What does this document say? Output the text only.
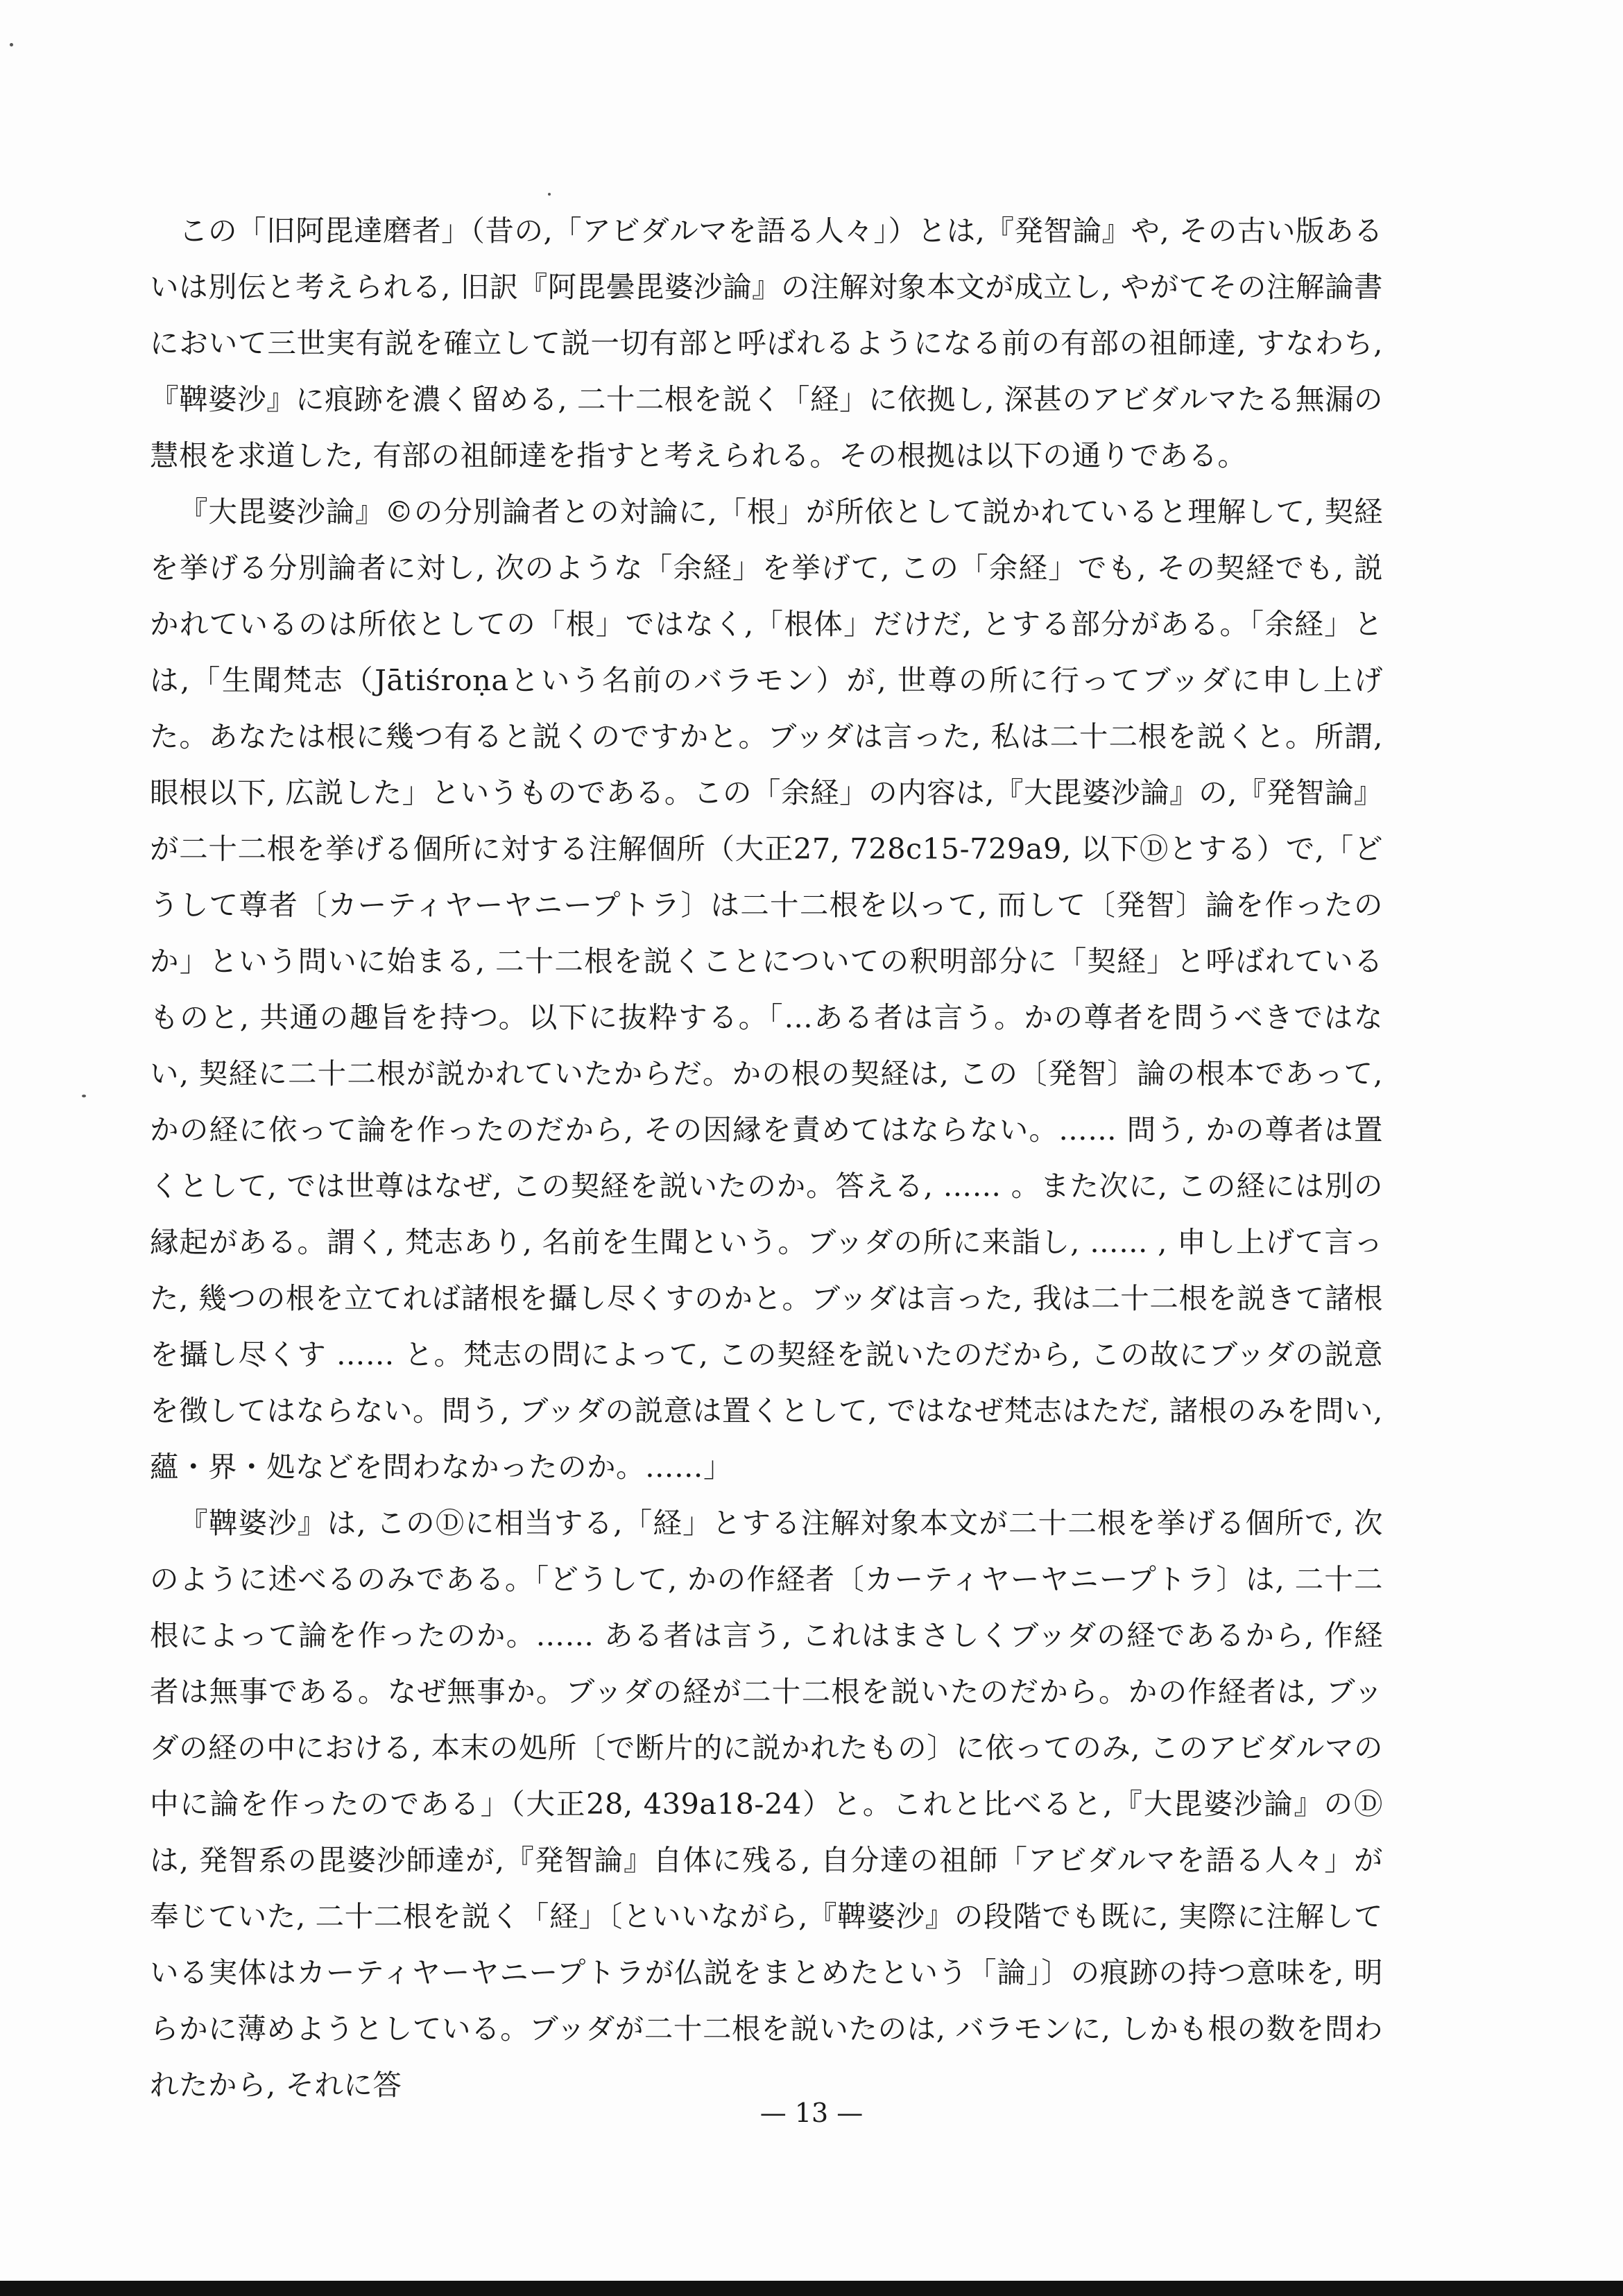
この「旧阿毘達磨者」（昔の,「アビダルマを語る人々」）とは,『発智論』や, その古い版あるいは別伝と考えられる, 旧訳『阿毘曇毘婆沙論』の注解対象本文が成立し, やがてその注解論書において三世実有説を確立して説一切有部と呼ばれるようになる前の有部の祖師達, すなわち,『鞞婆沙』に痕跡を濃く留める, 二十二根を説く「経」に依拠し, 深甚のアビダルマたる無漏の慧根を求道した, 有部の祖師達を指すと考えられる。その根拠は以下の通りである。

『大毘婆沙論』©の分別論者との対論に,「根」が所依として説かれていると理解して, 契経を挙げる分別論者に対し, 次のような「余経」を挙げて, この「余経」でも, その契経でも, 説かれているのは所依としての「根」ではなく,「根体」だけだ, とする部分がある。「余経」とは,「生聞梵志（Jātiśroṇaという名前のバラモン）が, 世尊の所に行ってブッダに申し上げた。あなたは根に幾つ有ると説くのですかと。ブッダは言った, 私は二十二根を説くと。所謂, 眼根以下, 広説した」というものである。この「余経」の内容は,『大毘婆沙論』の,『発智論』が二十二根を挙げる個所に対する注解個所（大正27, 728c15-729a9, 以下Ⓓとする）で,「どうして尊者〔カーティヤーヤニープトラ〕は二十二根を以って, 而して〔発智〕論を作ったのか」という問いに始まる, 二十二根を説くことについての釈明部分に「契経」と呼ばれているものと, 共通の趣旨を持つ。以下に抜粋する。「…ある者は言う。かの尊者を問うべきではない, 契経に二十二根が説かれていたからだ。かの根の契経は, この〔発智〕論の根本であって, かの経に依って論を作ったのだから, その因縁を責めてはならない。…… 問う, かの尊者は置くとして, では世尊はなぜ, この契経を説いたのか。答える, …… 。また次に, この経には別の縁起がある。謂く, 梵志あり, 名前を生聞という。ブッダの所に来詣し, …… , 申し上げて言った, 幾つの根を立てれば諸根を攝し尽くすのかと。ブッダは言った, 我は二十二根を説きて諸根を攝し尽くす …… と。梵志の問によって, この契経を説いたのだから, この故にブッダの説意を徴してはならない。問う, ブッダの説意は置くとして, ではなぜ梵志はただ, 諸根のみを問い, 蘊・界・処などを問わなかったのか。……」

『鞞婆沙』は, このⒹに相当する,「経」とする注解対象本文が二十二根を挙げる個所で, 次のように述べるのみである。「どうして, かの作経者〔カーティヤーヤニープトラ〕は, 二十二根によって論を作ったのか。…… ある者は言う, これはまさしくブッダの経であるから, 作経者は無事である。なぜ無事か。ブッダの経が二十二根を説いたのだから。かの作経者は, ブッダの経の中における, 本末の処所〔で断片的に説かれたもの〕に依ってのみ, このアビダルマの中に論を作ったのである」（大正28, 439a18-24）と。これと比べると,『大毘婆沙論』のⒹは, 発智系の毘婆沙師達が,『発智論』自体に残る, 自分達の祖師「アビダルマを語る人々」が奉じていた, 二十二根を説く「経」〔といいながら,『鞞婆沙』の段階でも既に, 実際に注解している実体はカーティヤーヤニープトラが仏説をまとめたという「論」〕の痕跡の持つ意味を, 明らかに薄めようとしている。ブッダが二十二根を説いたのは, バラモンに, しかも根の数を問われたから, それに答

— 13 —
